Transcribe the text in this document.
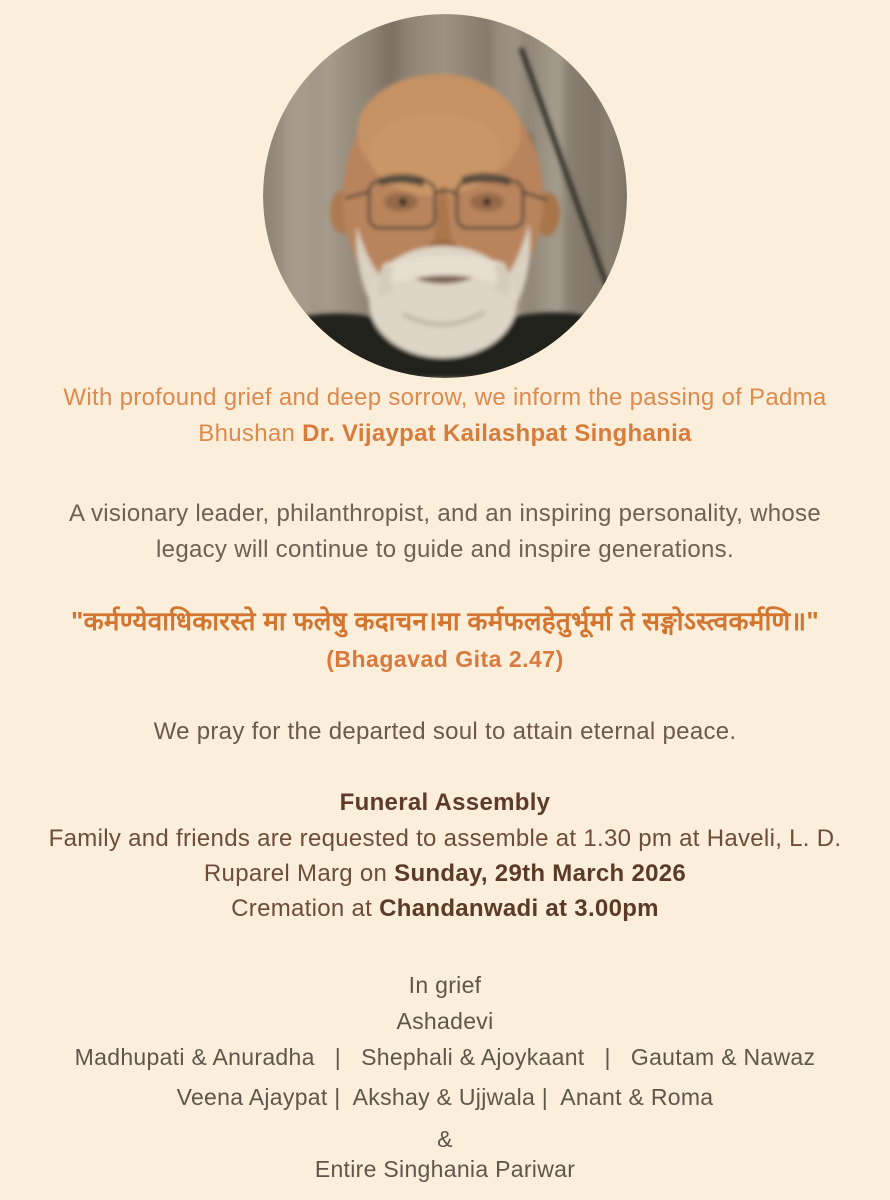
With profound grief and deep sorrow, we inform the passing of Padma
Bhushan Dr. Vijaypat Kailashpat Singhania
A visionary leader, philanthropist, and an inspiring personality, whose
legacy will continue to guide and inspire generations.
"कर्मण्येवाधिकारस्ते मा फलेषु कदाचन।मा कर्मफलहेतुर्भूर्मा ते सङ्गोऽस्त्वकर्मणि॥"
(Bhagavad Gita 2.47)
We pray for the departed soul to attain eternal peace.
Funeral Assembly
Family and friends are requested to assemble at 1.30 pm at Haveli, L. D.
Ruparel Marg on Sunday, 29th March 2026
Cremation at Chandanwadi at 3.00pm
In grief
Ashadevi
Madhupati & Anuradha   |   Shephali & Ajoykaant   |   Gautam & Nawaz
Veena Ajaypat |  Akshay & Ujjwala |  Anant & Roma
&
Entire Singhania Pariwar
